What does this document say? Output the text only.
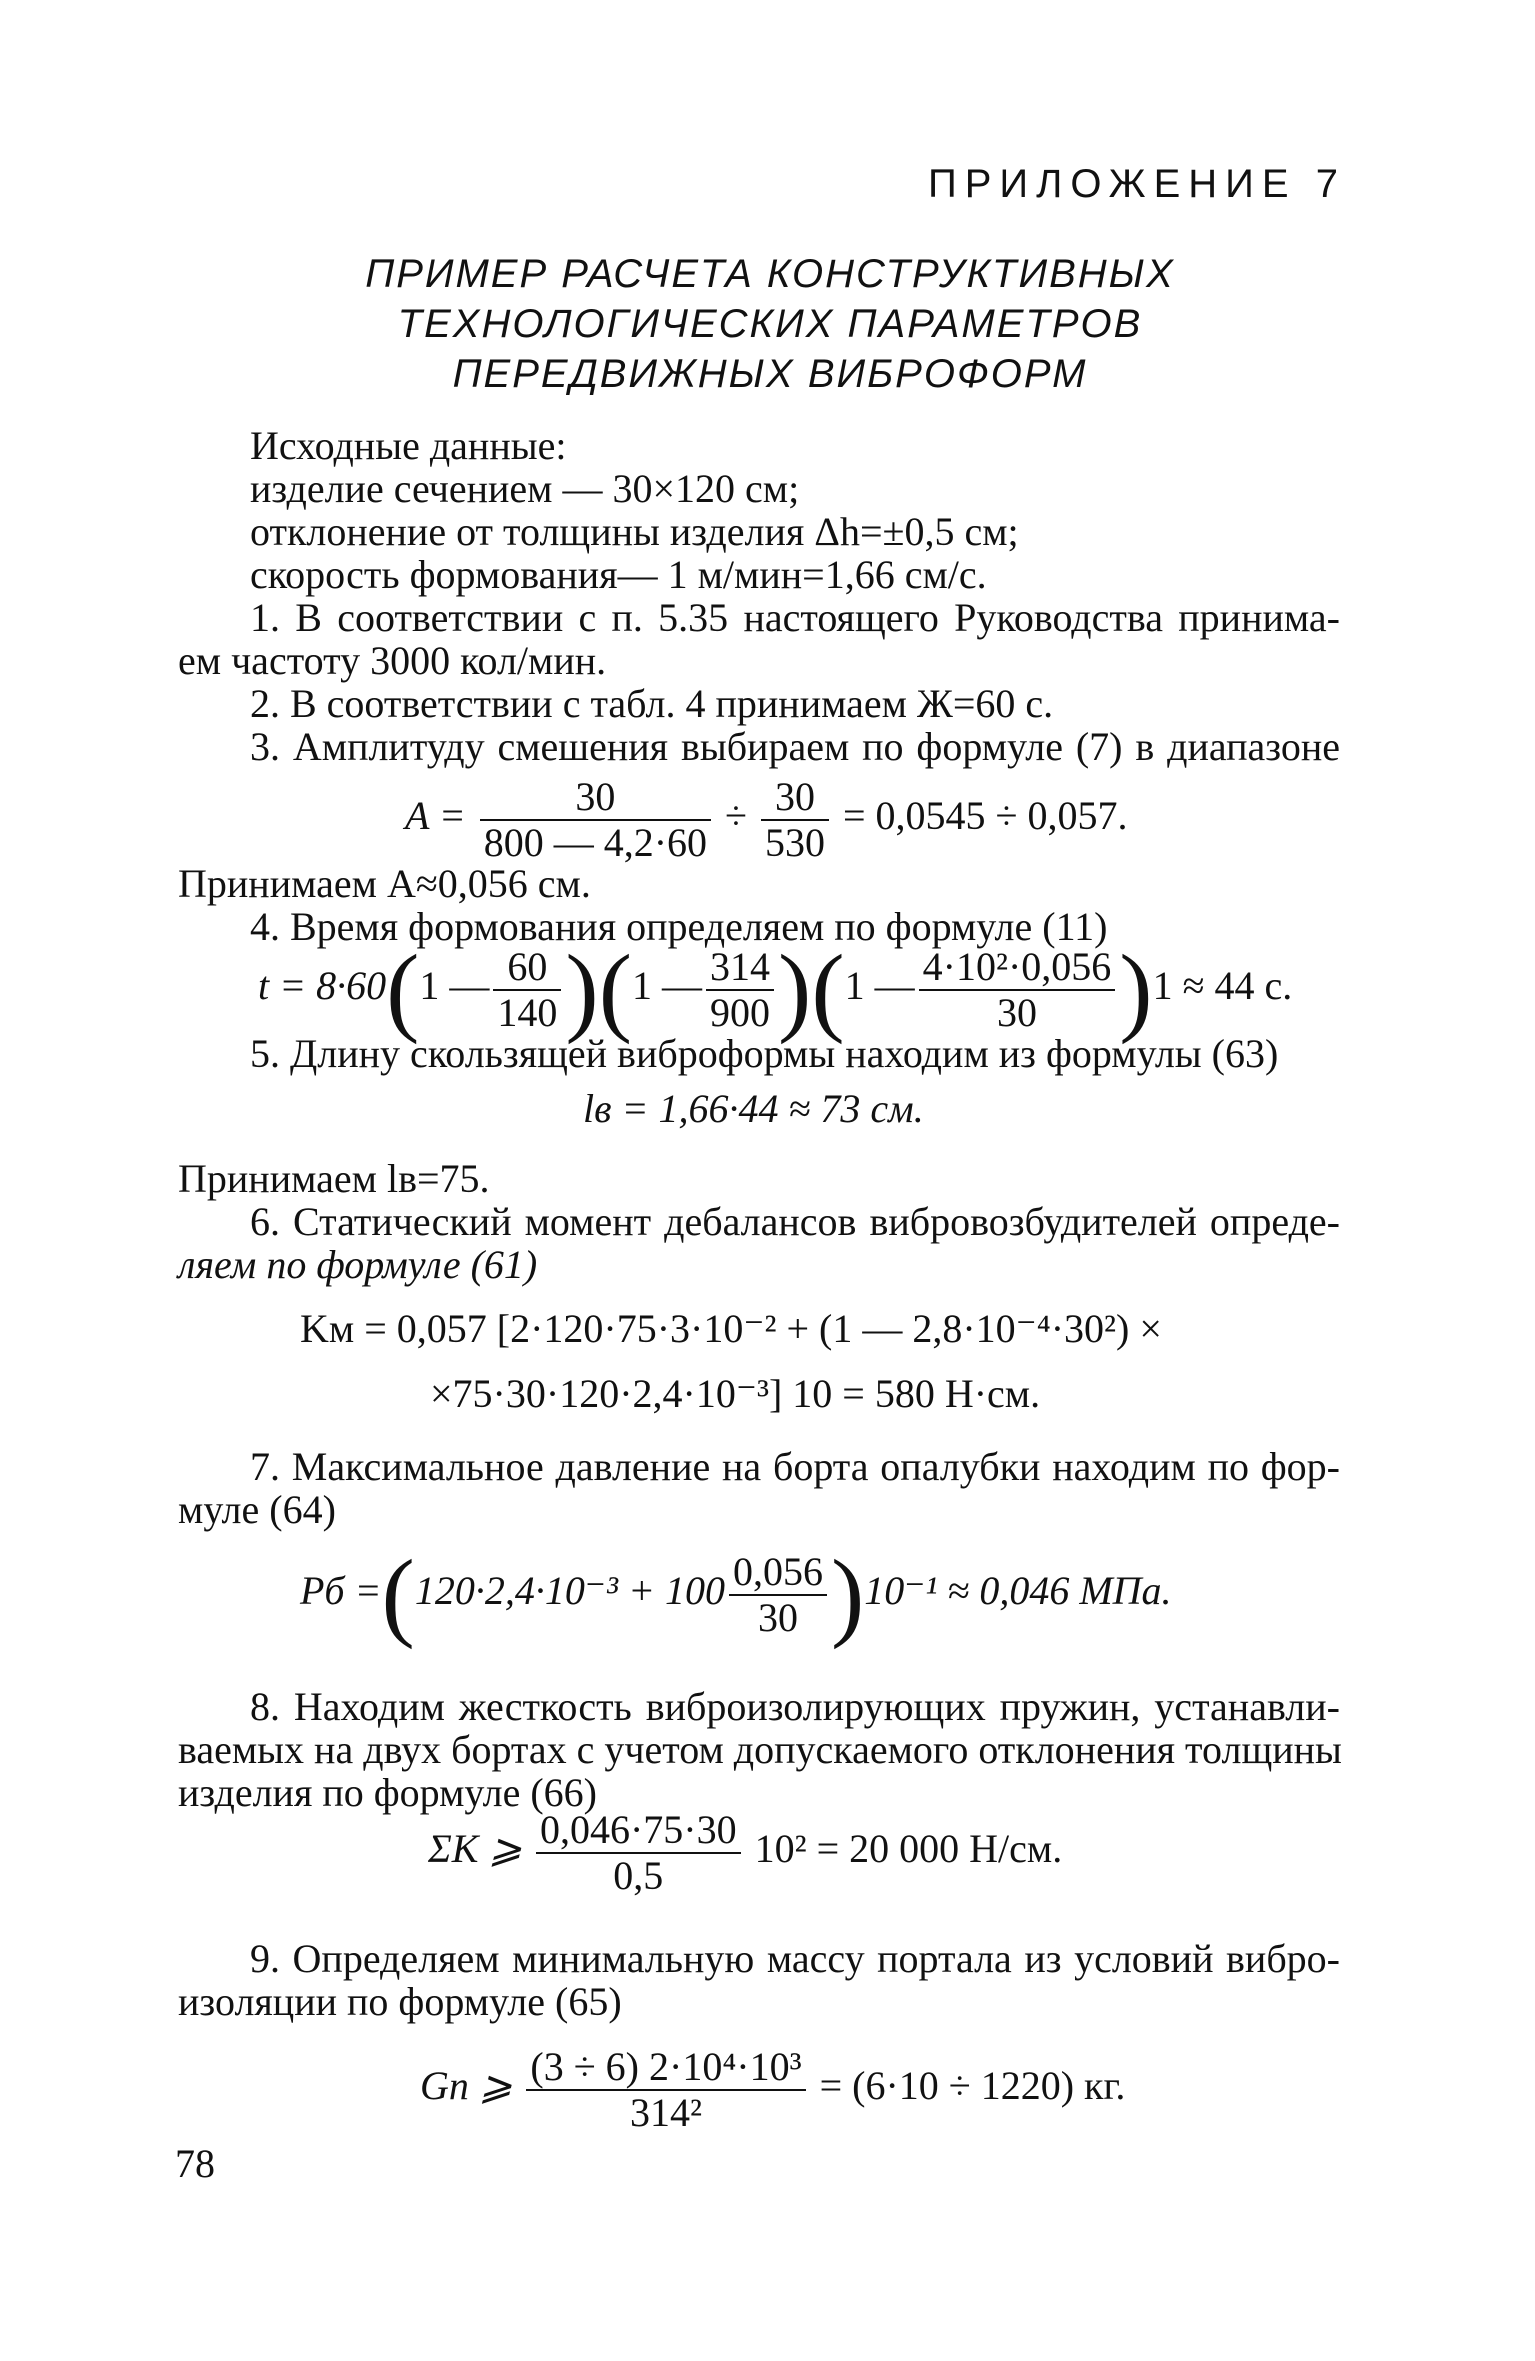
ПРИЛОЖЕНИЕ 7
ПРИМЕР РАСЧЕТА КОНСТРУКТИВНЫХ
ТЕХНОЛОГИЧЕСКИХ ПАРАМЕТРОВ
ПЕРЕДВИЖНЫХ ВИБРОФОРМ
Исходные данные:
изделие сечением — 30×120 см;
отклонение от толщины изделия Δh=±0,5 см;
скорость формования— 1 м/мин=1,66 см/с.
1. В соответствии с п. 5.35 настоящего Руководства принима-
ем частоту 3000 кол/мин.
2. В соответствии с табл. 4 принимаем Ж=60 с.
3. Амплитуду смешения выбираем по формуле (7) в диапазоне
$A = \frac{30}{800 — 4,2\cdot 60} \div \frac{30}{530} = 0,0545 \div 0,057$.
Принимаем A≈0,056 см.
4. Время формования определяем по формуле (11)
t = 8·60(1 — $\frac{60}{140} )(1$ — $\frac{314}{900} )(1$ — $\frac{\text{4·10²·0,056}}{30} )1 \approx 44$ с.
5. Длину скользящей виброформы находим из формулы (63)
lв = 1,66·44 ≈ 73 см.
Принимаем lв=75.
6. Статический момент дебалансов вибровозбудителей опреде-
ляем по формуле (61)
Kм = 0,057 [2·120·75·3·10⁻² + (1 — 2,8·10⁻⁴·30²) ×
×75·30·120·2,4·10⁻³] 10 = 580 Н·см.
7. Максимальное давление на борта опалубки находим по фор-
муле (64)
Pб $=(120\cdot 2,4\cdot 10^{-3} + 100 \frac{0,056}{30} )10^{-1} \approx 0,046$ МПа.
8. Находим жесткость виброизолирующих пружин, устанавли-
ваемых на двух бортах с учетом допускаемого отклонения толщины
изделия по формуле (66)
ΣK ⩾ $\frac{0,046\cdot 75\cdot 30}{0,5} 10^2 = 20$ 000 Н/см.
9. Определяем минимальную массу портала из условий вибро-
изоляции по формуле (65)
Gп ⩾ $\frac{\text{(3 ÷ 6) 2·10⁴·10³}}{\text{314²}} = (6\cdot 10 \div 1220)$ кг.
78
